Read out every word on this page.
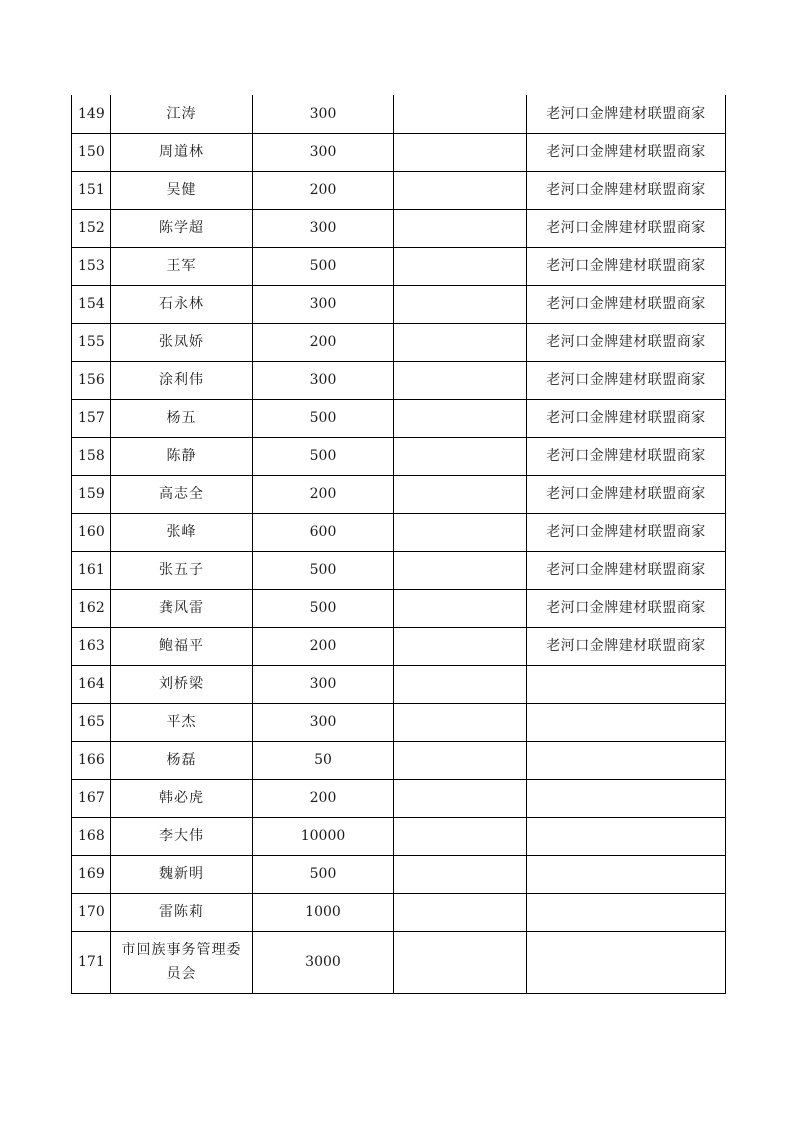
149	江涛	300		老河口金牌建材联盟商家
150	周道林	300		老河口金牌建材联盟商家
151	吴健	200		老河口金牌建材联盟商家
152	陈学超	300		老河口金牌建材联盟商家
153	王军	500		老河口金牌建材联盟商家
154	石永林	300		老河口金牌建材联盟商家
155	张凤娇	200		老河口金牌建材联盟商家
156	涂利伟	300		老河口金牌建材联盟商家
157	杨五	500		老河口金牌建材联盟商家
158	陈静	500		老河口金牌建材联盟商家
159	高志全	200		老河口金牌建材联盟商家
160	张峰	600		老河口金牌建材联盟商家
161	张五子	500		老河口金牌建材联盟商家
162	龚风雷	500		老河口金牌建材联盟商家
163	鲍福平	200		老河口金牌建材联盟商家
164	刘桥梁	300		
165	平杰	300		
166	杨磊	50		
167	韩必虎	200		
168	李大伟	10000		
169	魏新明	500		
170	雷陈莉	1000		
171	市回族事务管理委员会	3000		
